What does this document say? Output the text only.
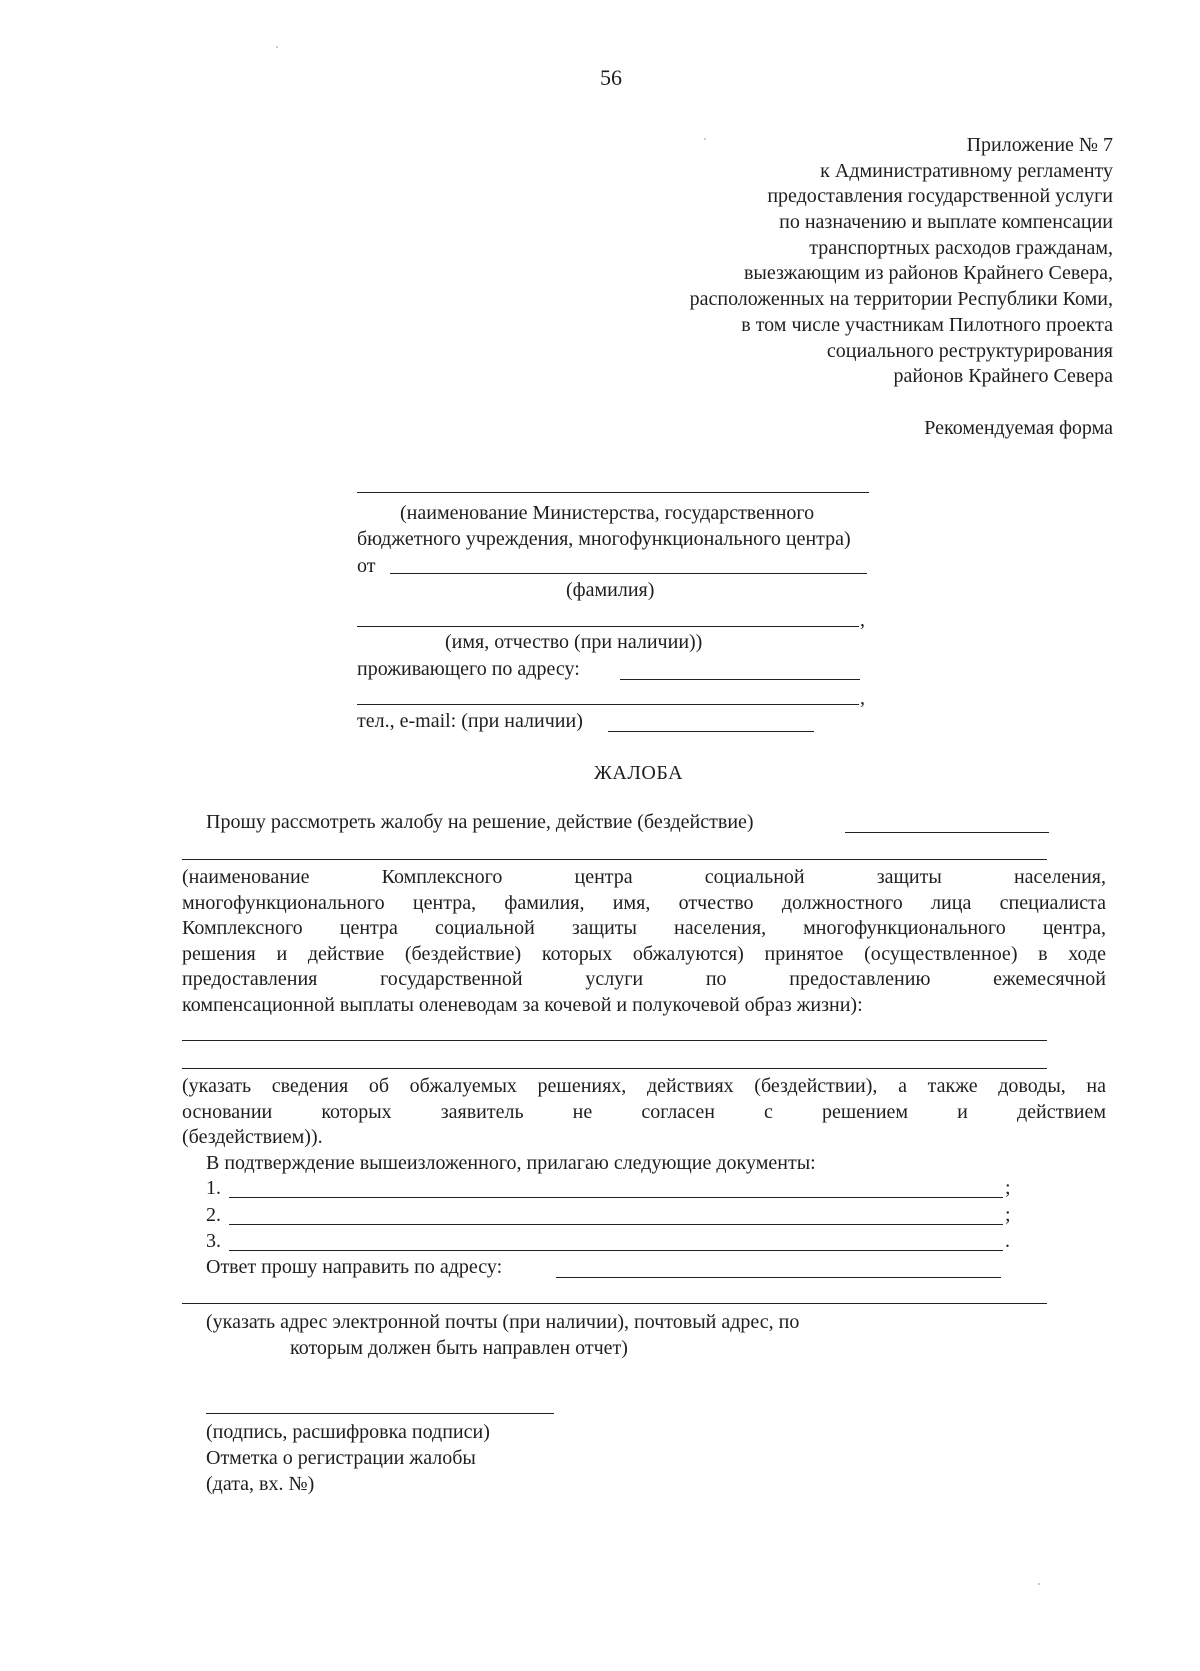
56
Приложение № 7
к Административному регламенту
предоставления государственной услуги
по назначению и выплате компенсации
транспортных расходов гражданам,
выезжающим из районов Крайнего Севера,
расположенных на территории Республики Коми,
в том числе участникам Пилотного проекта
социального реструктурирования
районов Крайнего Севера
Рекомендуемая форма
(наименование Министерства, государственного
бюджетного учреждения, многофункционального центра)
от
(фамилия)
,
(имя, отчество (при наличии))
проживающего по адресу:
,
тел., e-mail: (при наличии)
ЖАЛОБА
Прошу рассмотреть жалобу на решение, действие (бездействие)
(наименование Комплексного центра социальной защиты населения,
многофункционального центра, фамилия, имя, отчество должностного лица специалиста
Комплексного центра социальной защиты населения, многофункционального центра,
решения и действие (бездействие) которых обжалуются) принятое (осуществленное) в ходе
предоставления государственной услуги по предоставлению ежемесячной
компенсационной выплаты оленеводам за кочевой и полукочевой образ жизни):
(указать сведения об обжалуемых решениях, действиях (бездействии), а также доводы, на
основании которых заявитель не согласен с решением и действием
(бездействием)).
В подтверждение вышеизложенного, прилагаю следующие документы:
1.	;
2.	;
3.	.
Ответ прошу направить по адресу:
(указать адрес электронной почты (при наличии), почтовый адрес, по
которым должен быть направлен отчет)
(подпись, расшифровка подписи)
Отметка о регистрации жалобы
(дата, вх. №)
